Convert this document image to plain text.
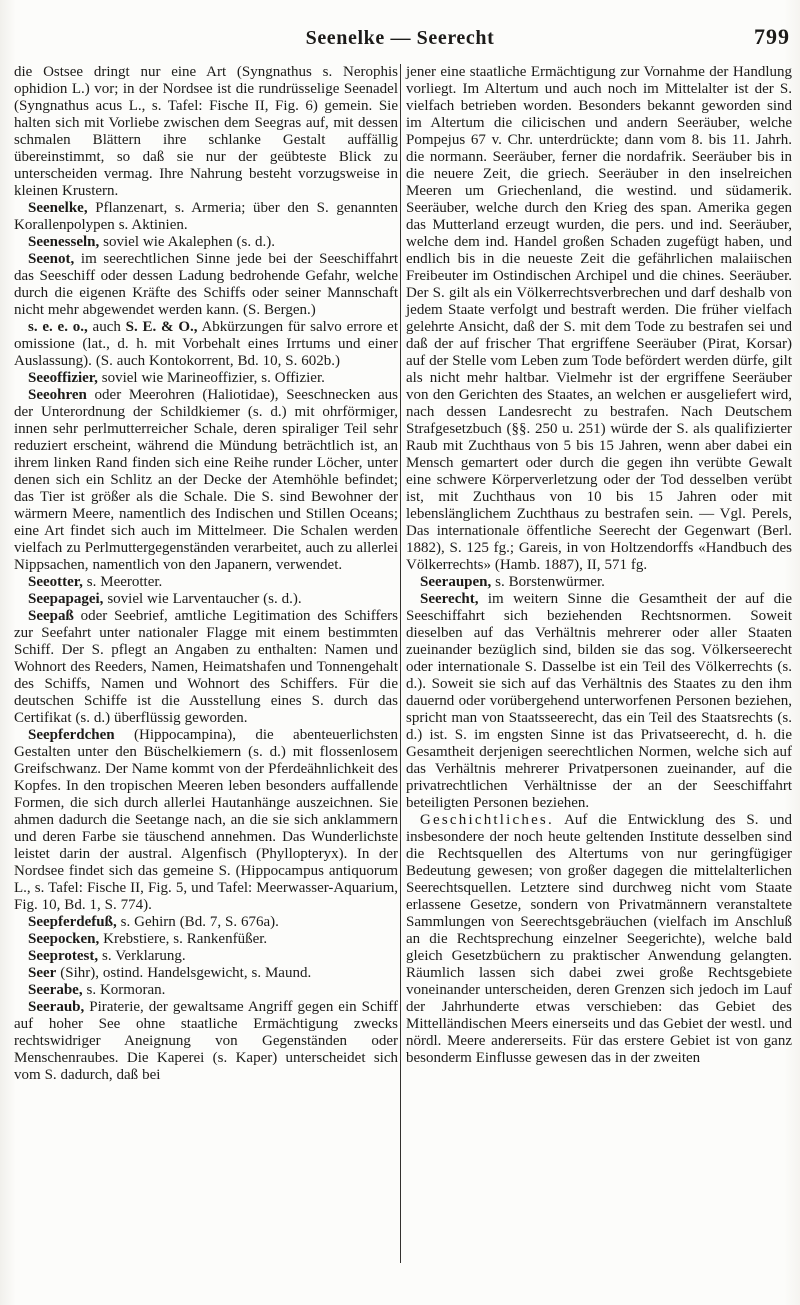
Seenelke — Seerecht	799

die Ostsee dringt nur eine Art (Syngnathus s. Nerophis ophidion L.) vor; in der Nordsee ist die rundrüsselige Seenadel (Syngnathus acus L., s. Tafel: Fische II, Fig. 6) gemein. Sie halten sich mit Vorliebe zwischen dem Seegras auf, mit dessen schmalen Blättern ihre schlanke Gestalt auffällig übereinstimmt, so daß sie nur der geübteste Blick zu unterscheiden vermag. Ihre Nahrung besteht vorzugsweise in kleinen Krustern.

Seenelke, Pflanzenart, s. Armeria; über den S. genannten Korallenpolypen s. Aktinien.

Seenesseln, soviel wie Akalephen (s. d.).

Seenot, im seerechtlichen Sinne jede bei der Seeschiffahrt das Seeschiff oder dessen Ladung bedrohende Gefahr, welche durch die eigenen Kräfte des Schiffs oder seiner Mannschaft nicht mehr abgewendet werden kann. (S. Bergen.)

s. e. e. o., auch S. E. & O., Abkürzungen für salvo errore et omissione (lat., d. h. mit Vorbehalt eines Irrtums und einer Auslassung). (S. auch Kontokorrent, Bd. 10, S. 602b.)

Seeoffizier, soviel wie Marineoffizier, s. Offizier.

Seeohren oder Meerohren (Haliotidae), Seeschnecken aus der Unterordnung der Schildkiemer (s. d.) mit ohrförmiger, innen sehr perlmutterreicher Schale, deren spiraliger Teil sehr reduziert erscheint, während die Mündung beträchtlich ist, an ihrem linken Rand finden sich eine Reihe runder Löcher, unter denen sich ein Schlitz an der Decke der Atemhöhle befindet; das Tier ist größer als die Schale. Die S. sind Bewohner der wärmern Meere, namentlich des Indischen und Stillen Oceans; eine Art findet sich auch im Mittelmeer. Die Schalen werden vielfach zu Perlmuttergegenständen verarbeitet, auch zu allerlei Nippsachen, namentlich von den Japanern, verwendet.

Seeotter, s. Meerotter.

Seepapagei, soviel wie Larventaucher (s. d.).

Seepaß oder Seebrief, amtliche Legitimation des Schiffers zur Seefahrt unter nationaler Flagge mit einem bestimmten Schiff. Der S. pflegt an Angaben zu enthalten: Namen und Wohnort des Reeders, Namen, Heimatshafen und Tonnengehalt des Schiffs, Namen und Wohnort des Schiffers. Für die deutschen Schiffe ist die Ausstellung eines S. durch das Certifikat (s. d.) überflüssig geworden.

Seepferdchen (Hippocampina), die abenteuerlichsten Gestalten unter den Büschelkiemern (s. d.) mit flossenlosem Greifschwanz. Der Name kommt von der Pferdeähnlichkeit des Kopfes. In den tropischen Meeren leben besonders auffallende Formen, die sich durch allerlei Hautanhänge auszeichnen. Sie ahmen dadurch die Seetange nach, an die sie sich anklammern und deren Farbe sie täuschend annehmen. Das Wunderlichste leistet darin der austral. Algenfisch (Phyllopteryx). In der Nordsee findet sich das gemeine S. (Hippocampus antiquorum L., s. Tafel: Fische II, Fig. 5, und Tafel: Meerwasser-Aquarium, Fig. 10, Bd. 1, S. 774).

Seepferdefuß, s. Gehirn (Bd. 7, S. 676a).

Seepocken, Krebstiere, s. Rankenfüßer.

Seeprotest, s. Verklarung.

Seer (Sihr), ostind. Handelsgewicht, s. Maund.

Seerabe, s. Kormoran.

Seeraub, Piraterie, der gewaltsame Angriff gegen ein Schiff auf hoher See ohne staatliche Ermächtigung zwecks rechtswidriger Aneignung von Gegenständen oder Menschenraubes. Die Kaperei (s. Kaper) unterscheidet sich vom S. dadurch, daß bei

jener eine staatliche Ermächtigung zur Vornahme der Handlung vorliegt. Im Altertum und auch noch im Mittelalter ist der S. vielfach betrieben worden. Besonders bekannt geworden sind im Altertum die cilicischen und andern Seeräuber, welche Pompejus 67 v. Chr. unterdrückte; dann vom 8. bis 11. Jahrh. die normann. Seeräuber, ferner die nordafrik. Seeräuber bis in die neuere Zeit, die griech. Seeräuber in den inselreichen Meeren um Griechenland, die westind. und südamerik. Seeräuber, welche durch den Krieg des span. Amerika gegen das Mutterland erzeugt wurden, die pers. und ind. Seeräuber, welche dem ind. Handel großen Schaden zugefügt haben, und endlich bis in die neueste Zeit die gefährlichen malaiischen Freibeuter im Ostindischen Archipel und die chines. Seeräuber. Der S. gilt als ein Völkerrechtsverbrechen und darf deshalb von jedem Staate verfolgt und bestraft werden. Die früher vielfach gelehrte Ansicht, daß der S. mit dem Tode zu bestrafen sei und daß der auf frischer That ergriffene Seeräuber (Pirat, Korsar) auf der Stelle vom Leben zum Tode befördert werden dürfe, gilt als nicht mehr haltbar. Vielmehr ist der ergriffene Seeräuber von den Gerichten des Staates, an welchen er ausgeliefert wird, nach dessen Landesrecht zu bestrafen. Nach Deutschem Strafgesetzbuch (§§. 250 u. 251) würde der S. als qualifizierter Raub mit Zuchthaus von 5 bis 15 Jahren, wenn aber dabei ein Mensch gemartert oder durch die gegen ihn verübte Gewalt eine schwere Körperverletzung oder der Tod desselben verübt ist, mit Zuchthaus von 10 bis 15 Jahren oder mit lebenslänglichem Zuchthaus zu bestrafen sein. — Vgl. Perels, Das internationale öffentliche Seerecht der Gegenwart (Berl. 1882), S. 125 fg.; Gareis, in von Holtzendorffs «Handbuch des Völkerrechts» (Hamb. 1887), II, 571 fg.

Seeraupen, s. Borstenwürmer.

Seerecht, im weitern Sinne die Gesamtheit der auf die Seeschiffahrt sich beziehenden Rechtsnormen. Soweit dieselben auf das Verhältnis mehrerer oder aller Staaten zueinander bezüglich sind, bilden sie das sog. Völkerseerecht oder internationale S. Dasselbe ist ein Teil des Völkerrechts (s. d.). Soweit sie sich auf das Verhältnis des Staates zu den ihm dauernd oder vorübergehend unterworfenen Personen beziehen, spricht man von Staatsseerecht, das ein Teil des Staatsrechts (s. d.) ist. S. im engsten Sinne ist das Privatseerecht, d. h. die Gesamtheit derjenigen seerechtlichen Normen, welche sich auf das Verhältnis mehrerer Privatpersonen zueinander, auf die privatrechtlichen Verhältnisse der an der Seeschiffahrt beteiligten Personen beziehen.

Geschichtliches. Auf die Entwicklung des S. und insbesondere der noch heute geltenden Institute desselben sind die Rechtsquellen des Altertums von nur geringfügiger Bedeutung gewesen; von großer dagegen die mittelalterlichen Seerechtsquellen. Letztere sind durchweg nicht vom Staate erlassene Gesetze, sondern von Privatmännern veranstaltete Sammlungen von Seerechtsgebräuchen (vielfach im Anschluß an die Rechtsprechung einzelner Seegerichte), welche bald gleich Gesetzbüchern zu praktischer Anwendung gelangten. Räumlich lassen sich dabei zwei große Rechtsgebiete voneinander unterscheiden, deren Grenzen sich jedoch im Lauf der Jahrhunderte etwas verschieben: das Gebiet des Mittelländischen Meers einerseits und das Gebiet der westl. und nördl. Meere andererseits. Für das erstere Gebiet ist von ganz besonderm Einflusse gewesen das in der zweiten
